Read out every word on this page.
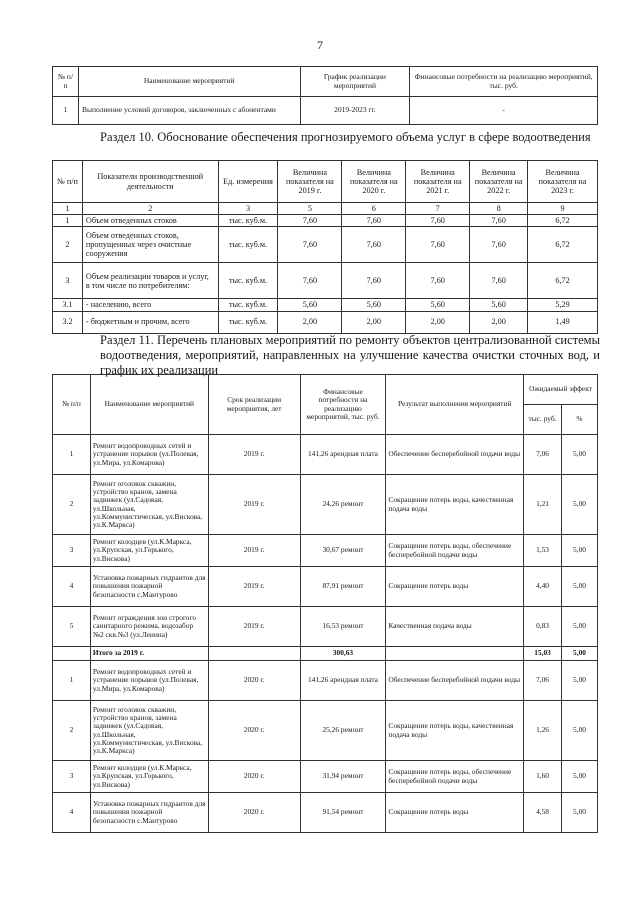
7
№ п/п	Наименование мероприятий	График реализации мероприятий	Финансовые потребности на реализацию мероприятий, тыс. руб.
1	Выполнение условий договоров, заключенных с абонентами	2019-2023 гг.	-
Раздел 10. Обоснование обеспечения прогнозируемого объема услуг в сфере водоотведения
№ п/п	Показатели производственной деятельности	Ед. измерения	Величина показателя на 2019 г.	Величина показателя на 2020 г.	Величина показателя на 2021 г.	Величина показателя на 2022 г.	Величина показателя на 2023 г.
1	2	3	5	6	7	8	9
1	Объем отведенных стоков	тыс. куб.м.	7,60	7,60	7,60	7,60	6,72
2	Объем отведенных стоков, пропущенных через очистные сооружения	тыс. куб.м.	7,60	7,60	7,60	7,60	6,72
3	Объем реализации товаров и услуг, в том числе по потребителям:	тыс. куб.м.	7,60	7,60	7,60	7,60	6,72
3.1	- населению, всего	тыс. куб.м.	5,60	5,60	5,60	5,60	5,29
3.2	- бюджетным и прочим, всего	тыс. куб.м.	2,00	2,00	2,00	2,00	1,49
Раздел 11. Перечень плановых мероприятий по ремонту объектов централизованной системы водоотведения, мероприятий, направленных на улучшение качества очистки сточных вод, и график их реализации
№ п/п	Наименование мероприятий	Срок реализации мероприятия, лет	Финансовые потребности на реализацию мероприятий, тыс. руб.	Результат выполнения мероприятий	Ожидаемый эффект	
					тыс. руб.	%
1	Ремонт водопроводных сетей и устранение порывов (ул.Полевая, ул.Мира, ул.Комарова)	2019 г.	141,26 арендная плата	Обеспечение бесперебойной подачи воды	7,06	5,00
2	Ремонт оголовок скважин, устройство кранов, замена задвижек (ул.Садовая, ул.Школьная, ул.Коммунистическая, ул.Вискова, ул.К.Маркса)	2019 г.	24,26 ремонт	Сокращение потерь воды, качественная подача воды	1,21	5,00
3	Ремонт колодцев (ул.К.Маркса, ул.Крупская, ул.Горького, ул.Вискова)	2019 г.	30,67 ремонт	Сокращение потерь воды, обеспечение бесперебойной подачи воды	1,53	5,00
4	Установка пожарных гидрантов для повышения пожарной безопасности с.Мантурово	2019 г.	87,91 ремонт	Сокращение потерь воды	4,40	5,00
5	Ремонт ограждения зон строгого санитарного режима, водозабор №2 скв.№3 (ул.Ленина)	2019 г.	16,53 ремонт	Качественная подача воды	0,83	5,00
	Итого за 2019 г.		300,63		15,03	5,00
1	Ремонт водопроводных сетей и устранение порывов (ул.Полевая, ул.Мира, ул.Комарова)	2020 г.	141,26 арендная плата	Обеспечение бесперебойной подачи воды	7,06	5,00
2	Ремонт оголовок скважин, устройство кранов, замена задвижек (ул.Садовая, ул.Школьная, ул.Коммунистическая, ул.Вискова, ул.К.Маркса)	2020 г.	25,26 ремонт	Сокращение потерь воды, качественная подача воды	1,26	5,00
3	Ремонт колодцев (ул.К.Маркса, ул.Крупская, ул.Горького, ул.Вискова)	2020 г.	31,94 ремонт	Сокращение потерь воды, обеспечение бесперебойной подачи воды	1,60	5,00
4	Установка пожарных гидрантов для повышения пожарной безопасности с.Мантурово	2020 г.	91,54 ремонт	Сокращение потерь воды	4,58	5,00
